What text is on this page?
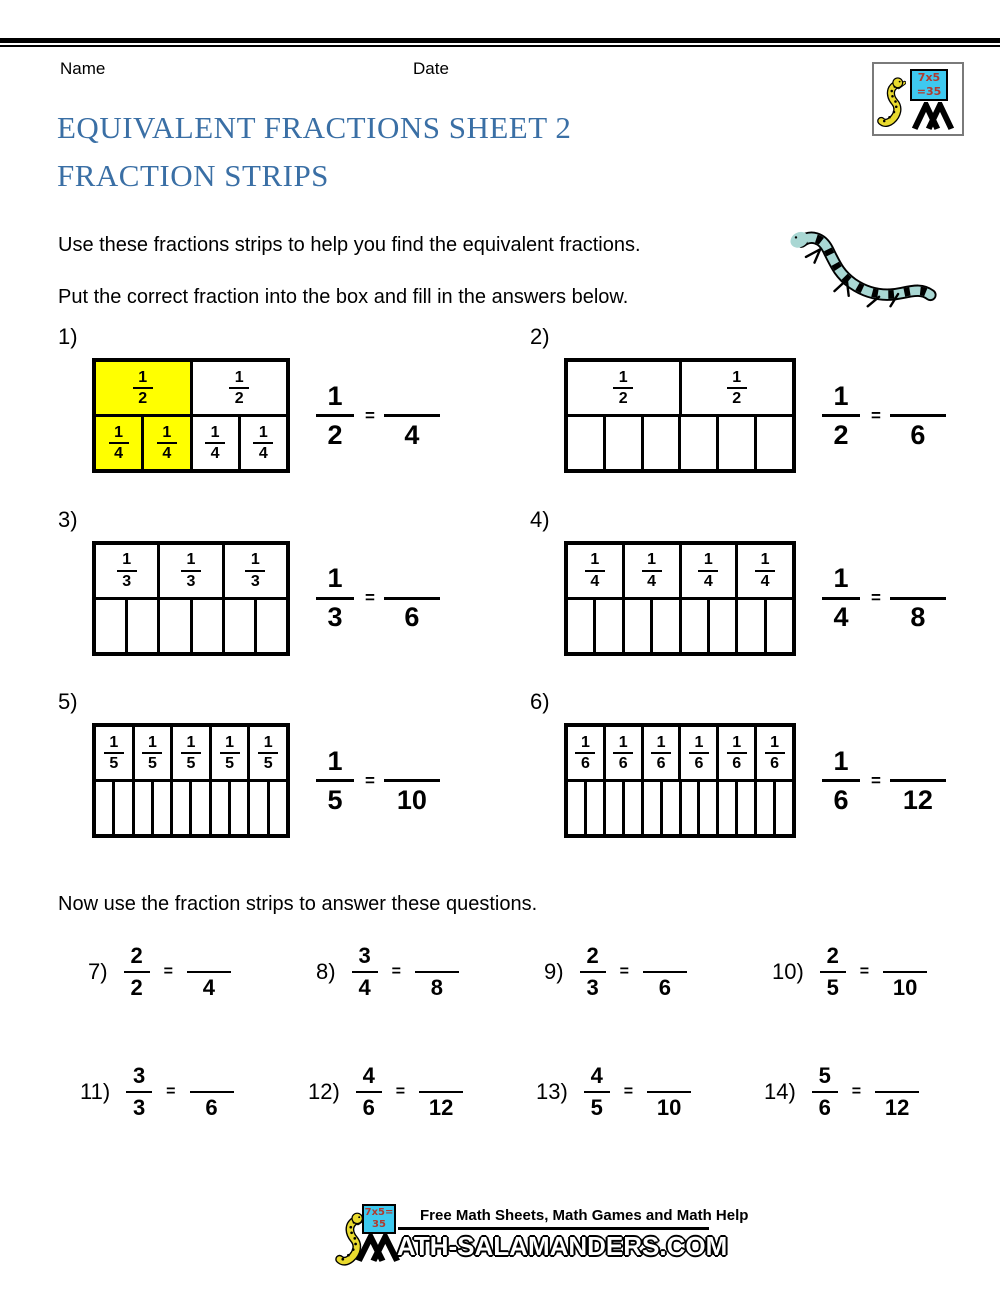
Name	Date	7x5
=35
EQUIVALENT FRACTIONS SHEET 2
FRACTION STRIPS
Use these fractions strips to help you find the equivalent fractions.
Put the correct fraction into the box and fill in the answers below.
1)
$\frac{1}{2}$	$\frac{1}{2}$
$\frac{1}{4} \frac{1}{4} \frac{1}{4} \frac{1}{4} \frac{1}{2}$ =
4
2)
$\frac{1}{2}$	$\frac{1}{2}$	$\frac{1}{2}$ =
6
3)
$\frac{1}{3}$	$\frac{1}{3}$	$\frac{1}{3} \frac{1}{3}$ =
6
4)
$\frac{1}{4} \frac{1}{4} \frac{1}{4} \frac{1}{4} \frac{1}{4}$ =
8
5)
$\frac{1}{5} \frac{1}{5} \frac{1}{5} \frac{1}{5} \frac{1}{5} \frac{1}{5}$ =
10
6)
$\frac{1}{6} \frac{1}{6} \frac{1}{6} \frac{1}{6} \frac{1}{6} \frac{1}{6} \frac{1}{6}$ =
12
Now use the fraction strips to answer these questions.
$7) \frac{2}{2}$ =
4
$8) \frac{3}{4}$ =
8
$9) \frac{2}{3}$ =
6
$10) \frac{2}{5}$ =
10
$11) \frac{3}{3}$ =
6
$12) \frac{4}{6}$ =
12
$13) \frac{4}{5}$ =
10
$14) \frac{5}{6}$ =
12
7x5=
35
Free Math Sheets, Math Games and Math Help
ATH-SALAMANDERS.COM
